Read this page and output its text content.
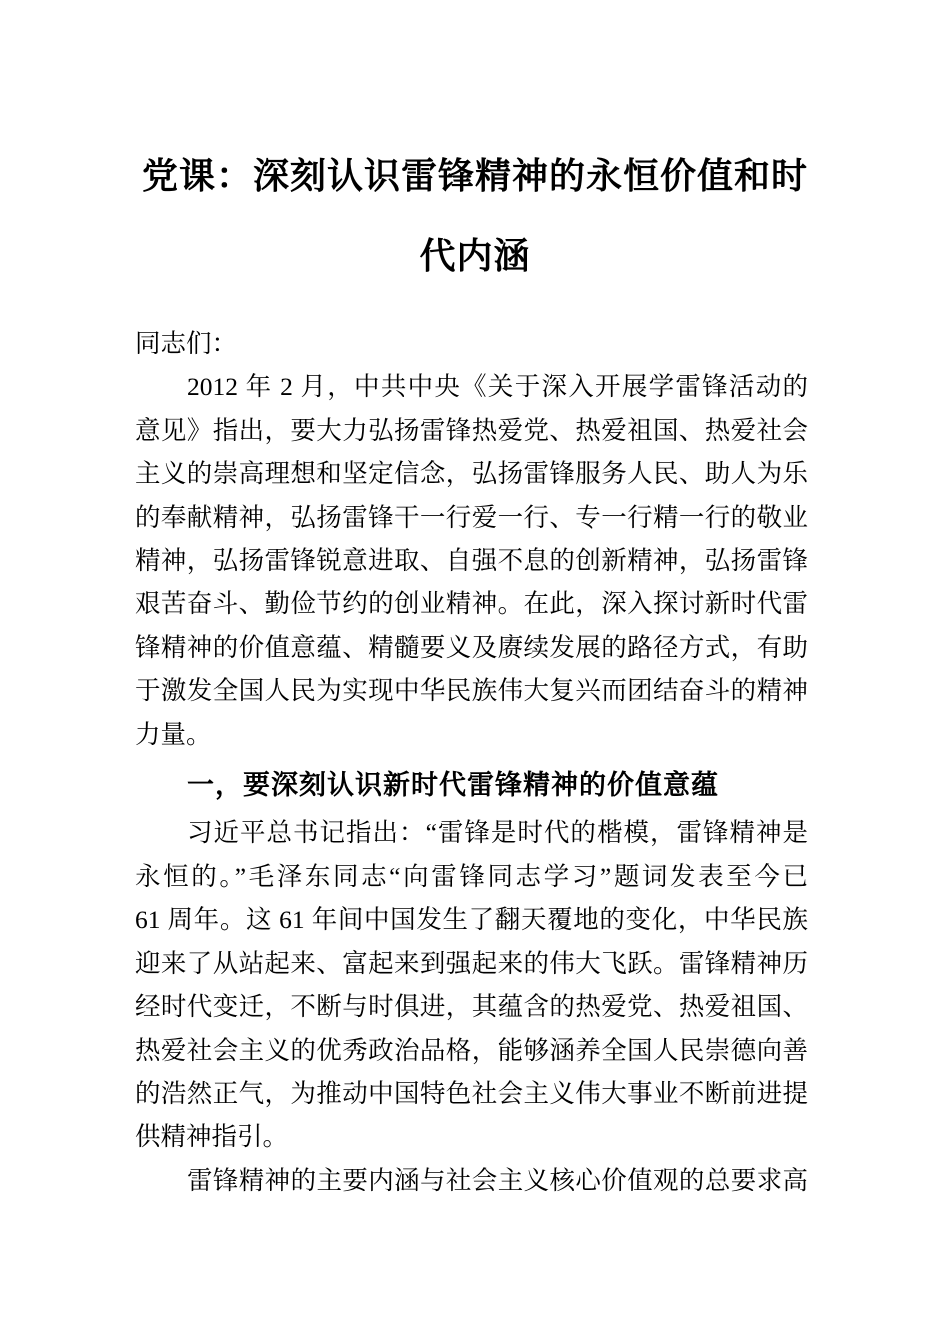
党课：深刻认识雷锋精神的永恒价值和时
代内涵
同志们：
2012 年 2 月，中共中央《关于深入开展学雷锋活动的
意见》指出，要大力弘扬雷锋热爱党、热爱祖国、热爱社会
主义的崇高理想和坚定信念，弘扬雷锋服务人民、助人为乐
的奉献精神，弘扬雷锋干一行爱一行、专一行精一行的敬业
精神，弘扬雷锋锐意进取、自强不息的创新精神，弘扬雷锋
艰苦奋斗、勤俭节约的创业精神。在此，深入探讨新时代雷
锋精神的价值意蕴、精髓要义及赓续发展的路径方式，有助
于激发全国人民为实现中华民族伟大复兴而团结奋斗的精神
力量。
一，要深刻认识新时代雷锋精神的价值意蕴
习近平总书记指出：“雷锋是时代的楷模，雷锋精神是
永恒的。”毛泽东同志“向雷锋同志学习”题词发表至今已
61 周年。这 61 年间中国发生了翻天覆地的变化，中华民族
迎来了从站起来、富起来到强起来的伟大飞跃。雷锋精神历
经时代变迁，不断与时俱进，其蕴含的热爱党、热爱祖国、
热爱社会主义的优秀政治品格，能够涵养全国人民崇德向善
的浩然正气，为推动中国特色社会主义伟大事业不断前进提
供精神指引。
雷锋精神的主要内涵与社会主义核心价值观的总要求高
